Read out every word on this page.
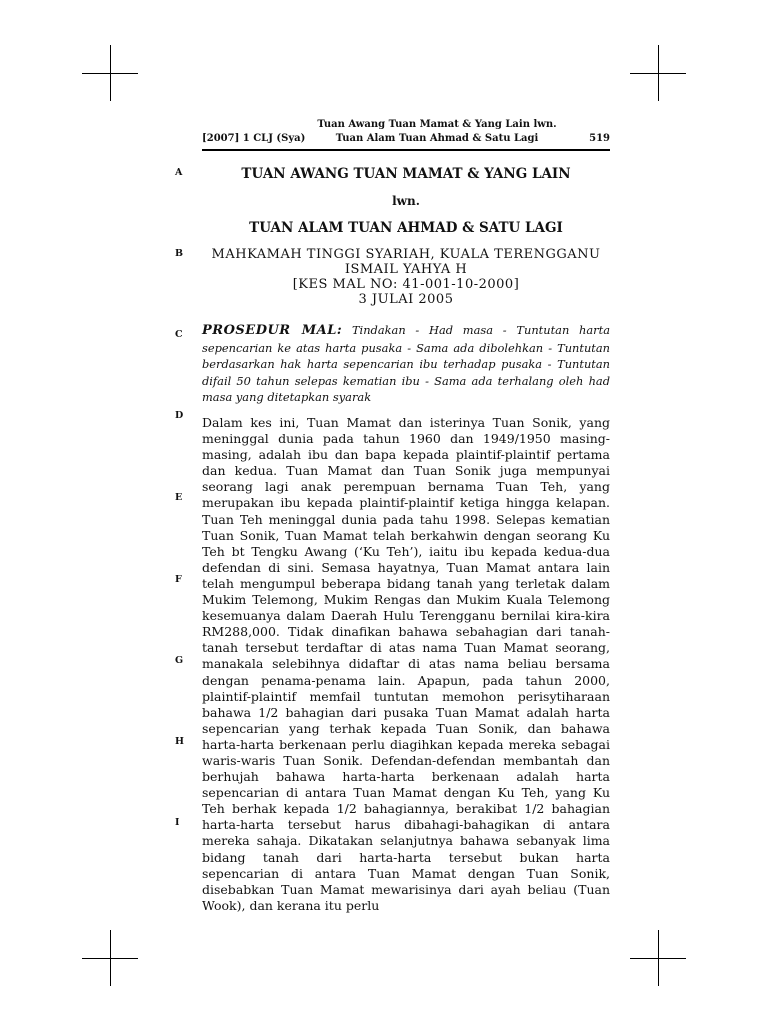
[2007] 1 CLJ (Sya)
Tuan Awang Tuan Mamat & Yang Lain lwn.
Tuan Alam Tuan Ahmad & Satu Lagi	519
A
B
C
D
E
F
G
H
I
TUAN AWANG TUAN MAMAT & YANG LAIN
lwn.
TUAN ALAM TUAN AHMAD & SATU LAGI
MAHKAMAH TINGGI SYARIAH, KUALA TERENGGANU
ISMAIL YAHYA H
[KES MAL NO: 41-001-10-2000]
3 JULAI 2005
PROSEDUR MAL: Tindakan - Had masa - Tuntutan harta sepencarian ke atas harta pusaka - Sama ada dibolehkan - Tuntutan berdasarkan hak harta sepencarian ibu terhadap pusaka - Tuntutan difail 50 tahun selepas kematian ibu - Sama ada terhalang oleh had masa yang ditetapkan syarak
Dalam kes ini, Tuan Mamat dan isterinya Tuan Sonik, yang meninggal dunia pada tahun 1960 dan 1949/1950 masing-masing, adalah ibu dan bapa kepada plaintif-plaintif pertama dan kedua. Tuan Mamat dan Tuan Sonik juga mempunyai seorang lagi anak perempuan bernama Tuan Teh, yang merupakan ibu kepada plaintif-plaintif ketiga hingga kelapan. Tuan Teh meninggal dunia pada tahu 1998. Selepas kematian Tuan Sonik, Tuan Mamat telah berkahwin dengan seorang Ku Teh bt Tengku Awang (‘Ku Teh’), iaitu ibu kepada kedua-dua defendan di sini. Semasa hayatnya, Tuan Mamat antara lain telah mengumpul beberapa bidang tanah yang terletak dalam Mukim Telemong, Mukim Rengas dan Mukim Kuala Telemong kesemuanya dalam Daerah Hulu Terengganu bernilai kira-kira RM288,000. Tidak dinafikan bahawa sebahagian dari tanah-tanah tersebut terdaftar di atas nama Tuan Mamat seorang, manakala selebihnya didaftar di atas nama beliau bersama dengan penama-penama lain. Apapun, pada tahun 2000, plaintif-plaintif memfail tuntutan memohon perisytiharaan bahawa 1/2 bahagian dari pusaka Tuan Mamat adalah harta sepencarian yang terhak kepada Tuan Sonik, dan bahawa harta-harta berkenaan perlu diagihkan kepada mereka sebagai waris-waris Tuan Sonik. Defendan-defendan membantah dan berhujah bahawa harta-harta berkenaan adalah harta sepencarian di antara Tuan Mamat dengan Ku Teh, yang Ku Teh berhak kepada 1/2 bahagiannya, berakibat 1/2 bahagian harta-harta tersebut harus dibahagi-bahagikan di antara mereka sahaja. Dikatakan selanjutnya bahawa sebanyak lima bidang tanah dari harta-harta tersebut bukan harta sepencarian di antara Tuan Mamat dengan Tuan Sonik, disebabkan Tuan Mamat mewarisinya dari ayah beliau (Tuan Wook), dan kerana itu perlu
